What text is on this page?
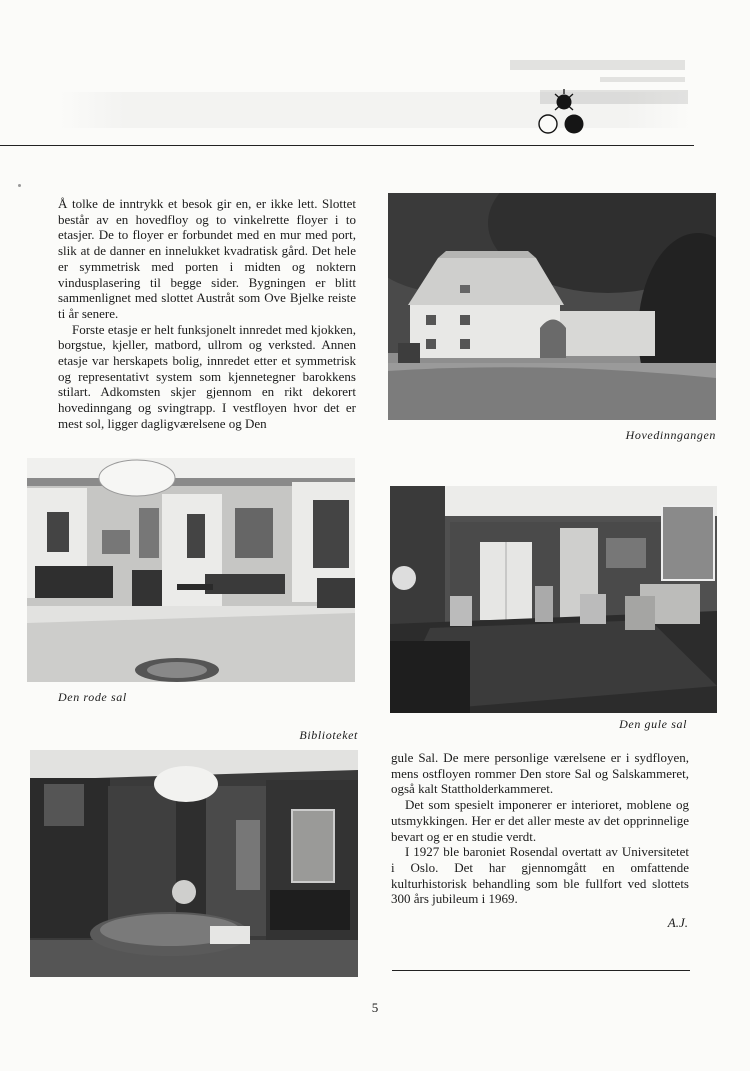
Å tolke de inntrykk et besok gir en, er ikke lett. Slottet består av en hovedfloy og to vinkelrette floyer i to etasjer. De to floyer er forbundet med en mur med port, slik at de danner en innelukket kvadratisk gård. Det hele er symmetrisk med porten i midten og noktern vindusplasering til begge sider. Bygningen er blitt sammenlignet med slottet Austråt som Ove Bjelke reiste ti år senere.

Forste etasje er helt funksjonelt innredet med kjokken, borgstue, kjeller, matbord, ullrom og verksted. Annen etasje var herskapets bolig, innredet etter et symmetrisk og representativt system som kjennetegner barokkens stilart. Adkomsten skjer gjennom en rikt dekorert hovedinngang og svingtrapp. I vestfloyen hvor det er mest sol, ligger dagligværelsene og Den

Hovedinngangen
Den rode sal
Biblioteket
Den gule sal

gule Sal. De mere personlige værelsene er i sydfloyen, mens ostfloyen rommer Den store Sal og Salskammeret, også kalt Stattholderkammeret.

Det som spesielt imponerer er interioret, moblene og utsmykkingen. Her er det aller meste av det opprinnelige bevart og er en studie verdt.

I 1927 ble baroniet Rosendal overtatt av Universitetet i Oslo. Det har gjennomgått en omfattende kulturhistorisk behandling som ble fullfort ved slottets 300 års jubileum i 1969.

A.J.
5
